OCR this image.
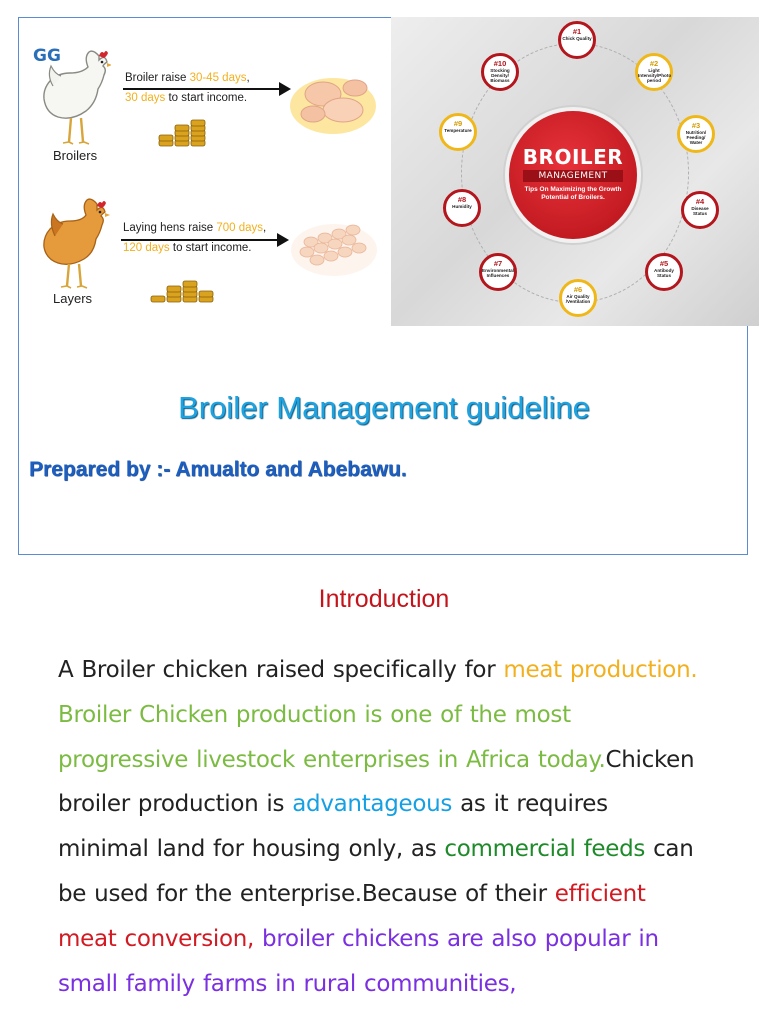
GG
Broilers
Broiler raise 30-45 days,
30 days to start income.
Layers
Laying hens raise 700 days,
120 days to start income.
BROILER
MANAGEMENT
Tips On Maximizing the Growth Potential of Broilers.
#1
Chick Quality
#2
Light Intensity/Photo period
#3
Nutrition/ Feeding/ Water
#4
Disease Status
#5
Antibody Status
#6
Air Quality /Ventilation
#7
Environmental Influences
#8
Humidity
#9
Temperature
#10
Stocking Density/ Biomass
Broiler Management guideline
Prepared by :- Amualto and Abebawu.
Introduction
A Broiler chicken raised specifically for meat production. Broiler Chicken production is one of the most progressive livestock enterprises in Africa today.Chicken broiler production is advantageous as it requires minimal land for housing only, as commercial feeds can be used for the enterprise.Because of their efficient meat conversion, broiler chickens are also popular in small family farms in rural communities,
